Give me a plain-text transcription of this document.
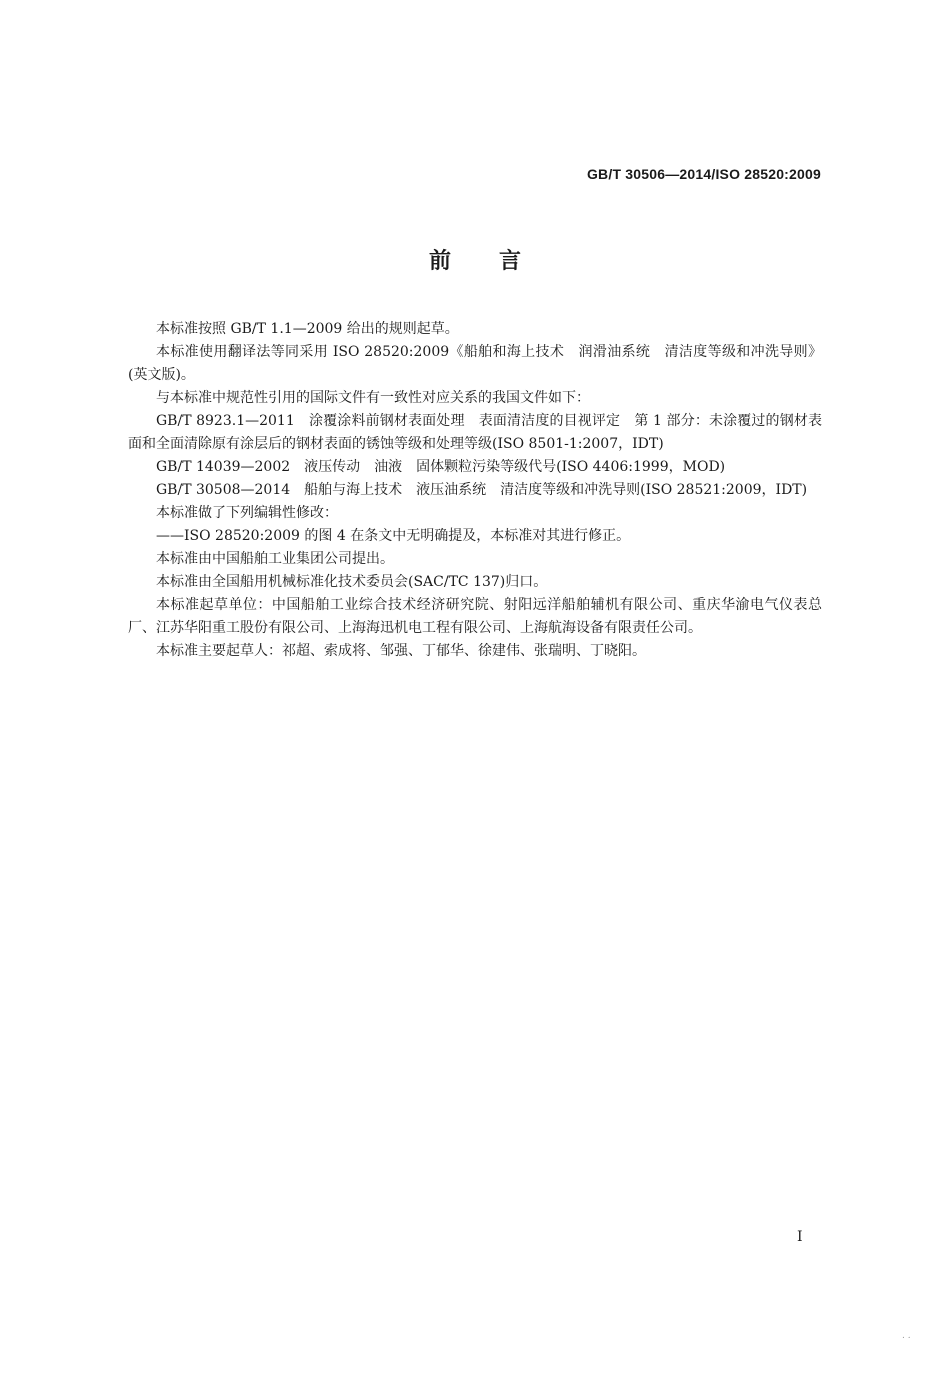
GB/T 30506—2014/ISO 28520:2009
前言

本标准按照 GB/T 1.1—2009 给出的规则起草。

本标准使用翻译法等同采用 ISO 28520:2009《船舶和海上技术　润滑油系统　清洁度等级和冲洗导则》(英文版)。

与本标准中规范性引用的国际文件有一致性对应关系的我国文件如下：

GB/T 8923.1—2011　涂覆涂料前钢材表面处理　表面清洁度的目视评定　第 1 部分：未涂覆过的钢材表面和全面清除原有涂层后的钢材表面的锈蚀等级和处理等级(ISO 8501-1:2007，IDT)

GB/T 14039—2002　液压传动　油液　固体颗粒污染等级代号(ISO 4406:1999，MOD)

GB/T 30508—2014　船舶与海上技术　液压油系统　清洁度等级和冲洗导则(ISO 28521:2009，IDT)

本标准做了下列编辑性修改：

——ISO 28520:2009 的图 4 在条文中无明确提及，本标准对其进行修正。

本标准由中国船舶工业集团公司提出。

本标准由全国船用机械标准化技术委员会(SAC/TC 137)归口。

本标准起草单位：中国船舶工业综合技术经济研究院、射阳远洋船舶辅机有限公司、重庆华渝电气仪表总厂、江苏华阳重工股份有限公司、上海海迅机电工程有限公司、上海航海设备有限责任公司。

本标准主要起草人：祁超、索成将、邹强、丁郁华、徐建伟、张瑞明、丁晓阳。

I
. .
